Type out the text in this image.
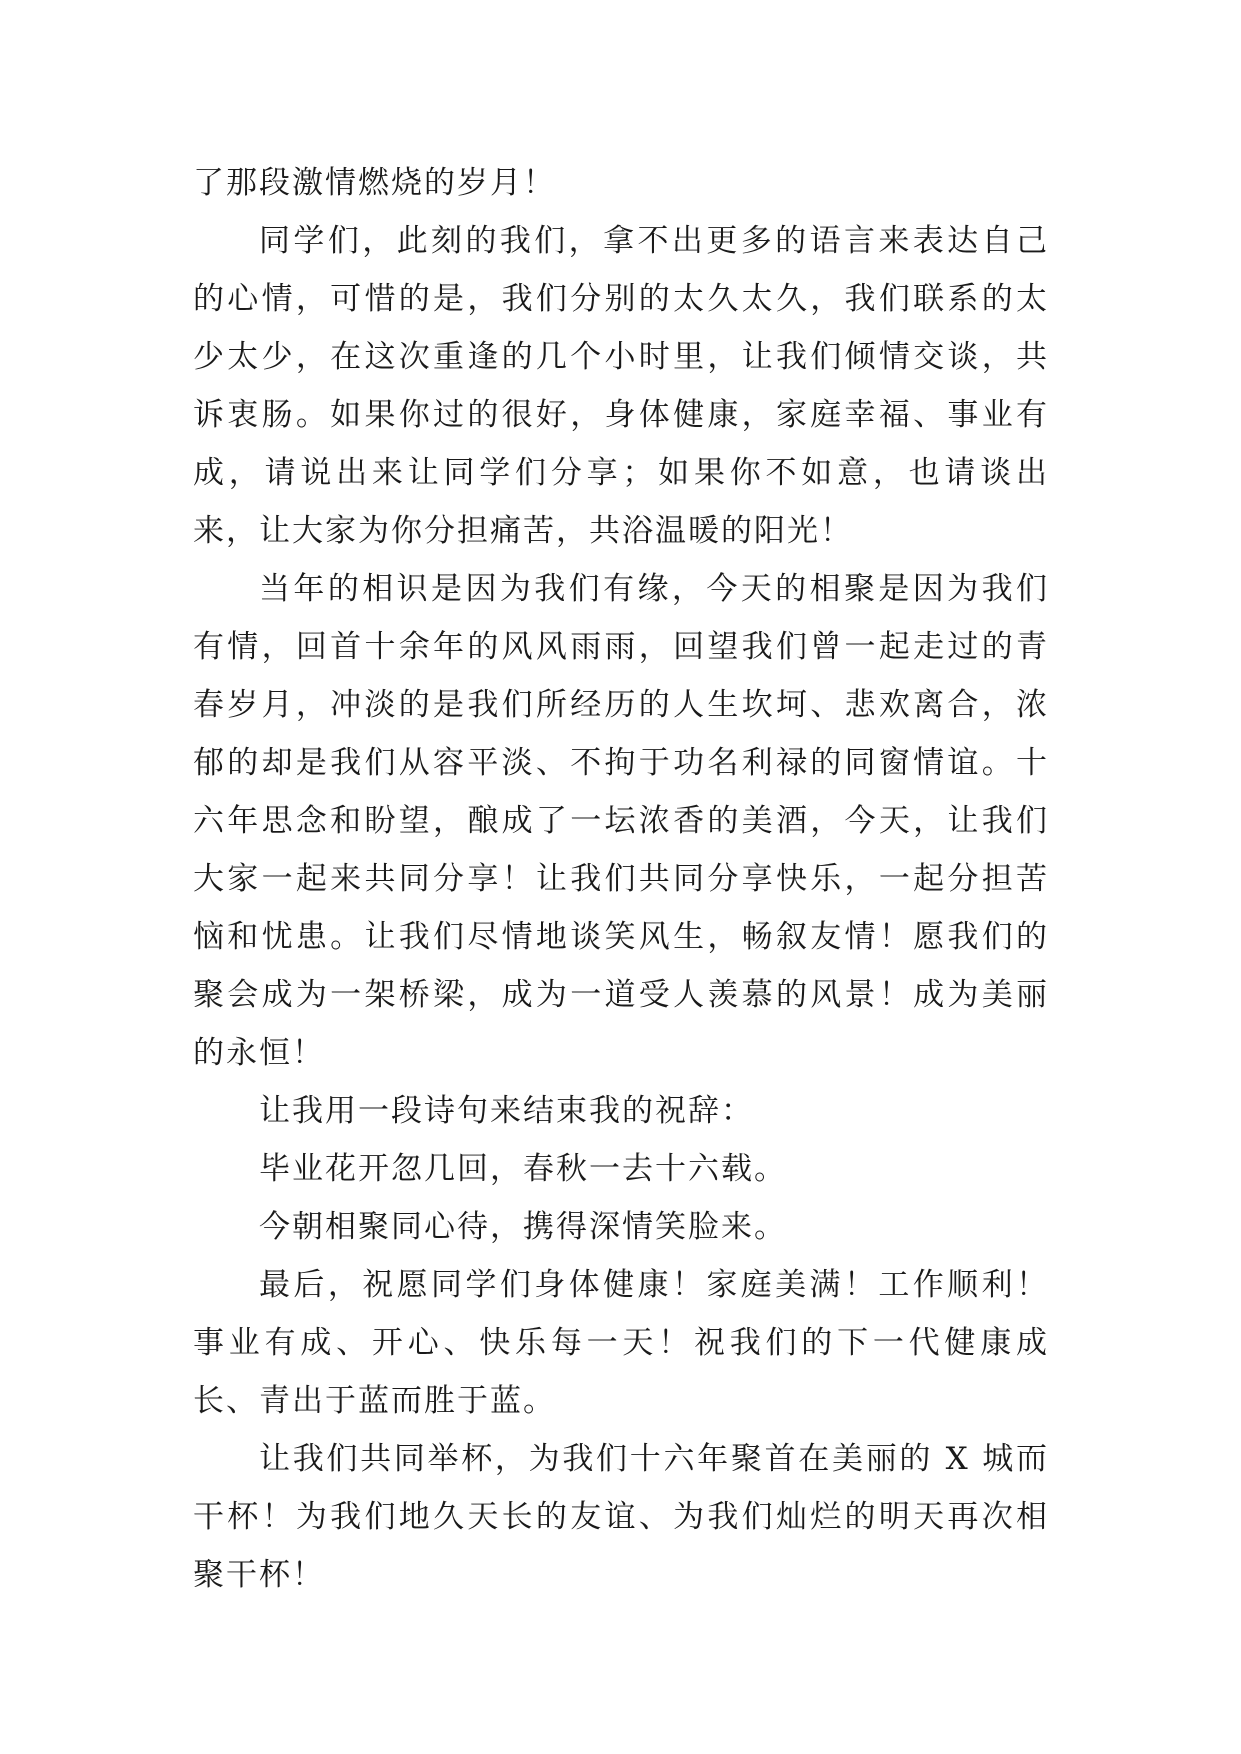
了那段激情燃烧的岁月！

同学们，此刻的我们，拿不出更多的语言来表达自己的心情，可惜的是，我们分别的太久太久，我们联系的太少太少，在这次重逢的几个小时里，让我们倾情交谈，共诉衷肠。如果你过的很好，身体健康，家庭幸福、事业有成，请说出来让同学们分享；如果你不如意，也请谈出来，让大家为你分担痛苦，共浴温暖的阳光！

当年的相识是因为我们有缘，今天的相聚是因为我们有情，回首十余年的风风雨雨，回望我们曾一起走过的青春岁月，冲淡的是我们所经历的人生坎坷、悲欢离合，浓郁的却是我们从容平淡、不拘于功名利禄的同窗情谊。十六年思念和盼望，酿成了一坛浓香的美酒，今天，让我们大家一起来共同分享！让我们共同分享快乐，一起分担苦恼和忧患。让我们尽情地谈笑风生，畅叙友情！愿我们的聚会成为一架桥梁，成为一道受人羡慕的风景！成为美丽的永恒！

让我用一段诗句来结束我的祝辞：

毕业花开忽几回，春秋一去十六载。

今朝相聚同心待，携得深情笑脸来。

最后，祝愿同学们身体健康！家庭美满！工作顺利！事业有成、开心、快乐每一天！祝我们的下一代健康成长、青出于蓝而胜于蓝。

让我们共同举杯，为我们十六年聚首在美丽的 X 城而干杯！为我们地久天长的友谊、为我们灿烂的明天再次相聚干杯！
